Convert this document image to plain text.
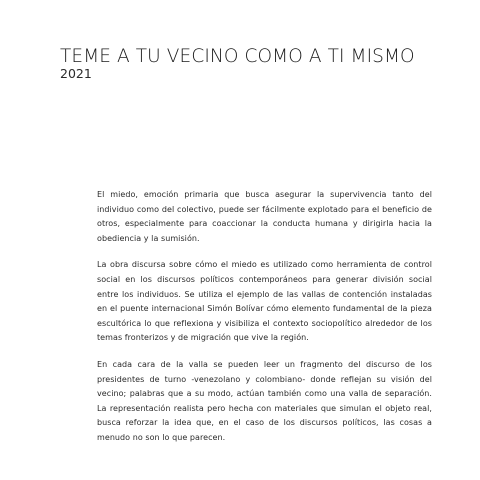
TEME A TU VECINO COMO A TI MISMO
2021

El miedo, emoción primaria que busca asegurar la supervivencia tanto del individuo como del colectivo, puede ser fácilmente explotado para el beneficio de otros, especialmente para coaccionar la conducta humana y dirigirla hacia la obediencia y la sumisión.

La obra discursa sobre cómo el miedo es utilizado como herramienta de control social en los discursos políticos contemporáneos para generar división social entre los individuos. Se utiliza el ejemplo de las vallas de contención instaladas en el puente internacional Simón Bolívar cómo elemento fundamental de la pieza escultórica lo que reflexiona y visibiliza el contexto sociopolítico alrededor de los temas fronterizos y de migración que vive la región.

En cada cara de la valla se pueden leer un fragmento del discurso de los presidentes de turno -venezolano y colombiano- donde reflejan su visión del vecino; palabras que a su modo, actúan también como una valla de separación. La representación realista pero hecha con materiales que simulan el objeto real, busca reforzar la idea que, en el caso de los discursos políticos, las cosas a menudo no son lo que parecen.
